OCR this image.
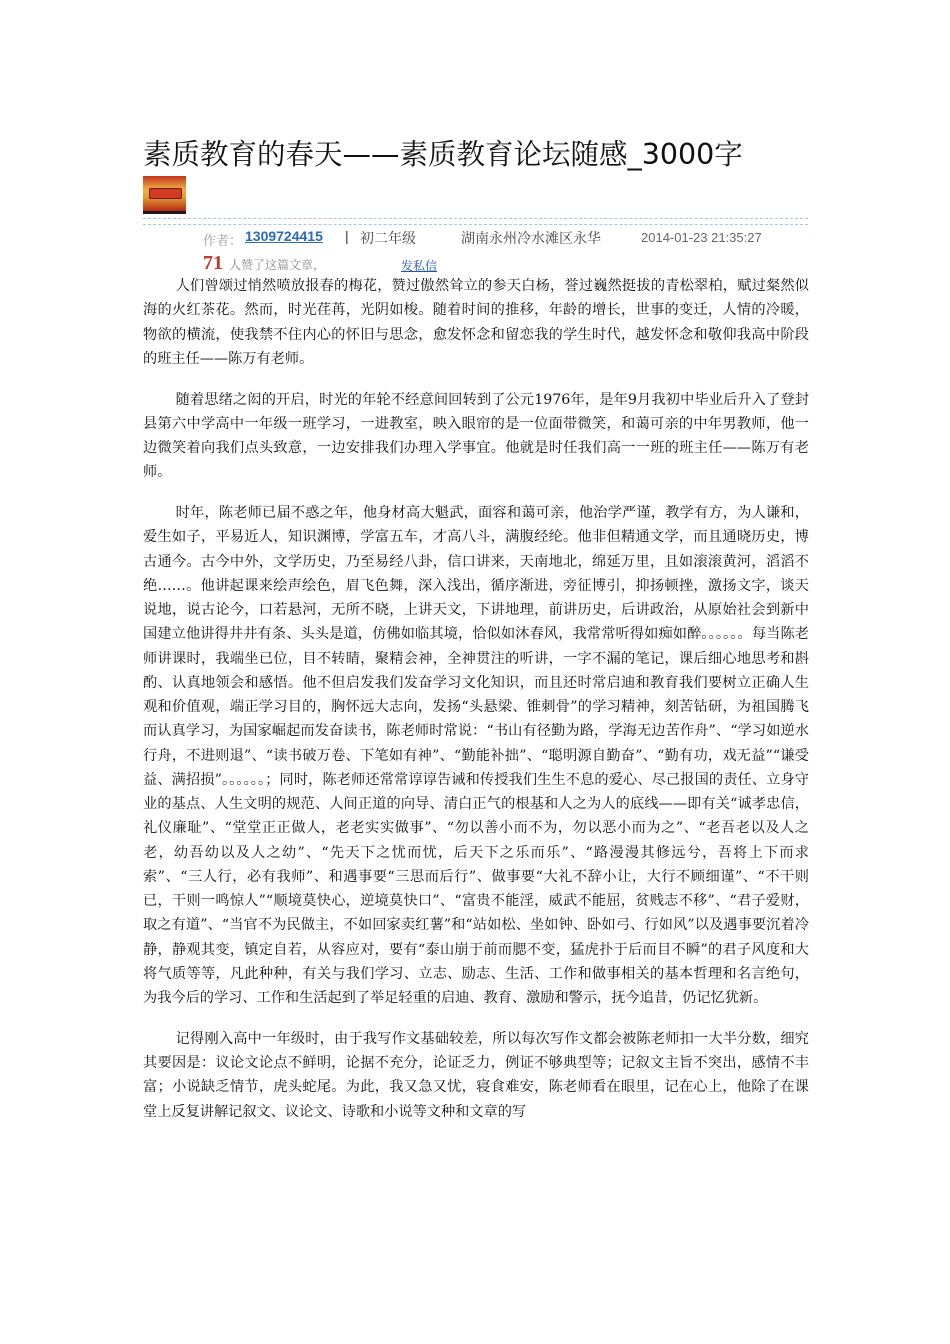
素质教育的春天——素质教育论坛随感_3000字
作者： 1309724415 | 初二年级	湖南永州冷水滩区永华	2014-01-23 21:35:27
71 人赞了这篇文章，	发私信

人们曾颂过悄然喷放报春的梅花，赞过傲然耸立的参天白杨，誉过巍然挺拔的青松翠柏，赋过粲然似海的火红茶花。然而，时光荏苒，光阴如梭。随着时间的推移，年龄的增长，世事的变迁，人情的冷暖，物欲的横流，使我禁不住内心的怀旧与思念，愈发怀念和留恋我的学生时代，越发怀念和敬仰我高中阶段的班主任——陈万有老师。

随着思绪之闳的开启，时光的年轮不经意间回转到了公元1976年，是年9月我初中毕业后升入了登封县第六中学高中一年级一班学习，一进教室，映入眼帘的是一位面带微笑，和蔼可亲的中年男教师，他一边微笑着向我们点头致意，一边安排我们办理入学事宜。他就是时任我们高一一班的班主任——陈万有老师。

时年，陈老师已届不惑之年，他身材高大魁武，面容和蔼可亲，他治学严谨，教学有方，为人谦和，爱生如子，平易近人，知识渊博，学富五车，才高八斗，满腹经纶。他非但精通文学，而且通晓历史，博古通今。古今中外，文学历史，乃至易经八卦，信口讲来，天南地北，绵延万里，且如滚滚黄河，滔滔不绝……。他讲起课来绘声绘色，眉飞色舞，深入浅出，循序渐进，旁征博引，抑扬顿挫，激扬文字，谈天说地，说古论今，口若悬河，无所不晓，上讲天文，下讲地理，前讲历史，后讲政治，从原始社会到新中国建立他讲得井井有条、头头是道，仿佛如临其境，恰似如沐春风，我常常听得如痴如醉。。。。。。每当陈老师讲课时，我端坐已位，目不转睛，聚精会神，全神贯注的听讲，一字不漏的笔记，课后细心地思考和斟酌、认真地领会和感悟。他不但启发我们发奋学习文化知识，而且还时常启迪和教育我们要树立正确人生观和价值观，端正学习目的，胸怀远大志向，发扬“头悬梁、锥刺骨”的学习精神，刻苦钻研，为祖国腾飞而认真学习，为国家崛起而发奋读书，陈老师时常说：“书山有径勤为路，学海无边苦作舟”、“学习如逆水行舟，不进则退”、“读书破万卷、下笔如有神”、“勤能补拙”、“聪明源自勤奋”、“勤有功，戏无益”“谦受益、满招损”。。。。。。；同时，陈老师还常常谆谆告诫和传授我们生生不息的爱心、尽己报国的责任、立身守业的基点、人生文明的规范、人间正道的向导、清白正气的根基和人之为人的底线——即有关“诚孝忠信，礼仪廉耻”、“堂堂正正做人，老老实实做事”、“勿以善小而不为，勿以恶小而为之”、“老吾老以及人之老，幼吾幼以及人之幼”、“先天下之忧而忧，后天下之乐而乐”、“路漫漫其修远兮，吾将上下而求索”、“三人行，必有我师”、和遇事要“三思而后行”、做事要“大礼不辞小让，大行不顾细谨”、“不干则已，干则一鸣惊人”“顺境莫快心，逆境莫快口”、“富贵不能淫，威武不能屈，贫贱志不移”、“君子爱财，取之有道”、“当官不为民做主，不如回家卖红薯”和“站如松、坐如钟、卧如弓、行如风”以及遇事要沉着冷静，静观其变，镇定自若，从容应对，要有“泰山崩于前而腮不变，猛虎扑于后而目不瞬”的君子风度和大将气质等等，凡此种种，有关与我们学习、立志、励志、生活、工作和做事相关的基本哲理和名言绝句，为我今后的学习、工作和生活起到了举足轻重的启迪、教育、激励和警示，抚今追昔，仍记忆犹新。

记得刚入高中一年级时，由于我写作文基础较差，所以每次写作文都会被陈老师扣一大半分数，细究其要因是：议论文论点不鲜明，论据不充分，论证乏力，例证不够典型等；记叙文主旨不突出，感情不丰富；小说缺乏情节，虎头蛇尾。为此，我又急又忧，寝食难安，陈老师看在眼里，记在心上，他除了在课堂上反复讲解记叙文、议论文、诗歌和小说等文种和文章的写
